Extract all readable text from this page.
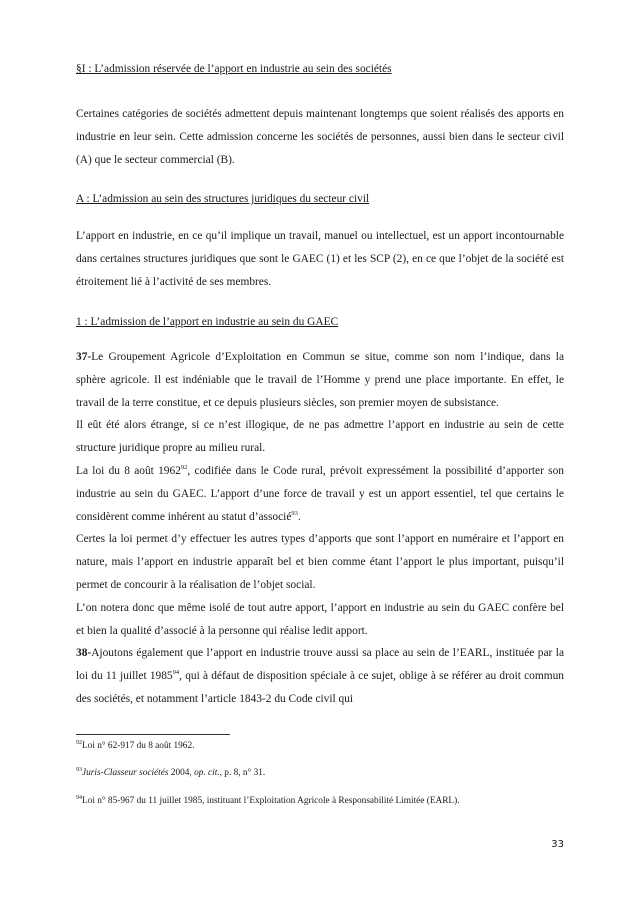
§I : L’admission réservée de l’apport en industrie au sein des sociétés

Certaines catégories de sociétés admettent depuis maintenant longtemps que soient réalisés des apports en industrie en leur sein. Cette admission concerne les sociétés de personnes, aussi bien dans le secteur civil (A) que le secteur commercial (B).

A : L’admission au sein des structures juridiques du secteur civil

L’apport en industrie, en ce qu’il implique un travail, manuel ou intellectuel, est un apport incontournable dans certaines structures juridiques que sont le GAEC (1) et les SCP (2), en ce que l’objet de la société est étroitement lié à l’activité de ses membres.

1 : L’admission de l’apport en industrie au sein du GAEC

37-Le Groupement Agricole d’Exploitation en Commun se situe, comme son nom l’indique, dans la sphère agricole. Il est indéniable que le travail de l’Homme y prend une place importante. En effet, le travail de la terre constitue, et ce depuis plusieurs siècles, son premier moyen de subsistance.

Il eût été alors étrange, si ce n’est illogique, de ne pas admettre l’apport en industrie au sein de cette structure juridique propre au milieu rural.

La loi du 8 août 1962$^{92}$, codifiée dans le Code rural, prévoit expressément la possibilité d’apporter son industrie au sein du GAEC. L’apport d’une force de travail y est un apport essentiel, tel que certains le considèrent comme inhérent au statut d’associé$^{93}$.

Certes la loi permet d’y effectuer les autres types d’apports que sont l’apport en numéraire et l’apport en nature, mais l’apport en industrie apparaît bel et bien comme étant l’apport le plus important, puisqu’il permet de concourir à la réalisation de l’objet social.

L’on notera donc que même isolé de tout autre apport, l’apport en industrie au sein du GAEC confère bel et bien la qualité d’associé à la personne qui réalise ledit apport.

38-Ajoutons également que l’apport en industrie trouve aussi sa place au sein de l’EARL, instituée par la loi du 11 juillet 1985$^{94}$, qui à défaut de disposition spéciale à ce sujet, oblige à se référer au droit commun des sociétés, et notamment l’article 1843-2 du Code civil qui

$^{92}$Loi n° 62-917 du 8 août 1962.
$^{93}$Juris-Classeur sociétés 2004, op. cit., p. 8, n° 31.
$^{94}$Loi n° 85-967 du 11 juillet 1985, instituant l’Exploitation Agricole à Responsabilité Limitée (EARL).
33
